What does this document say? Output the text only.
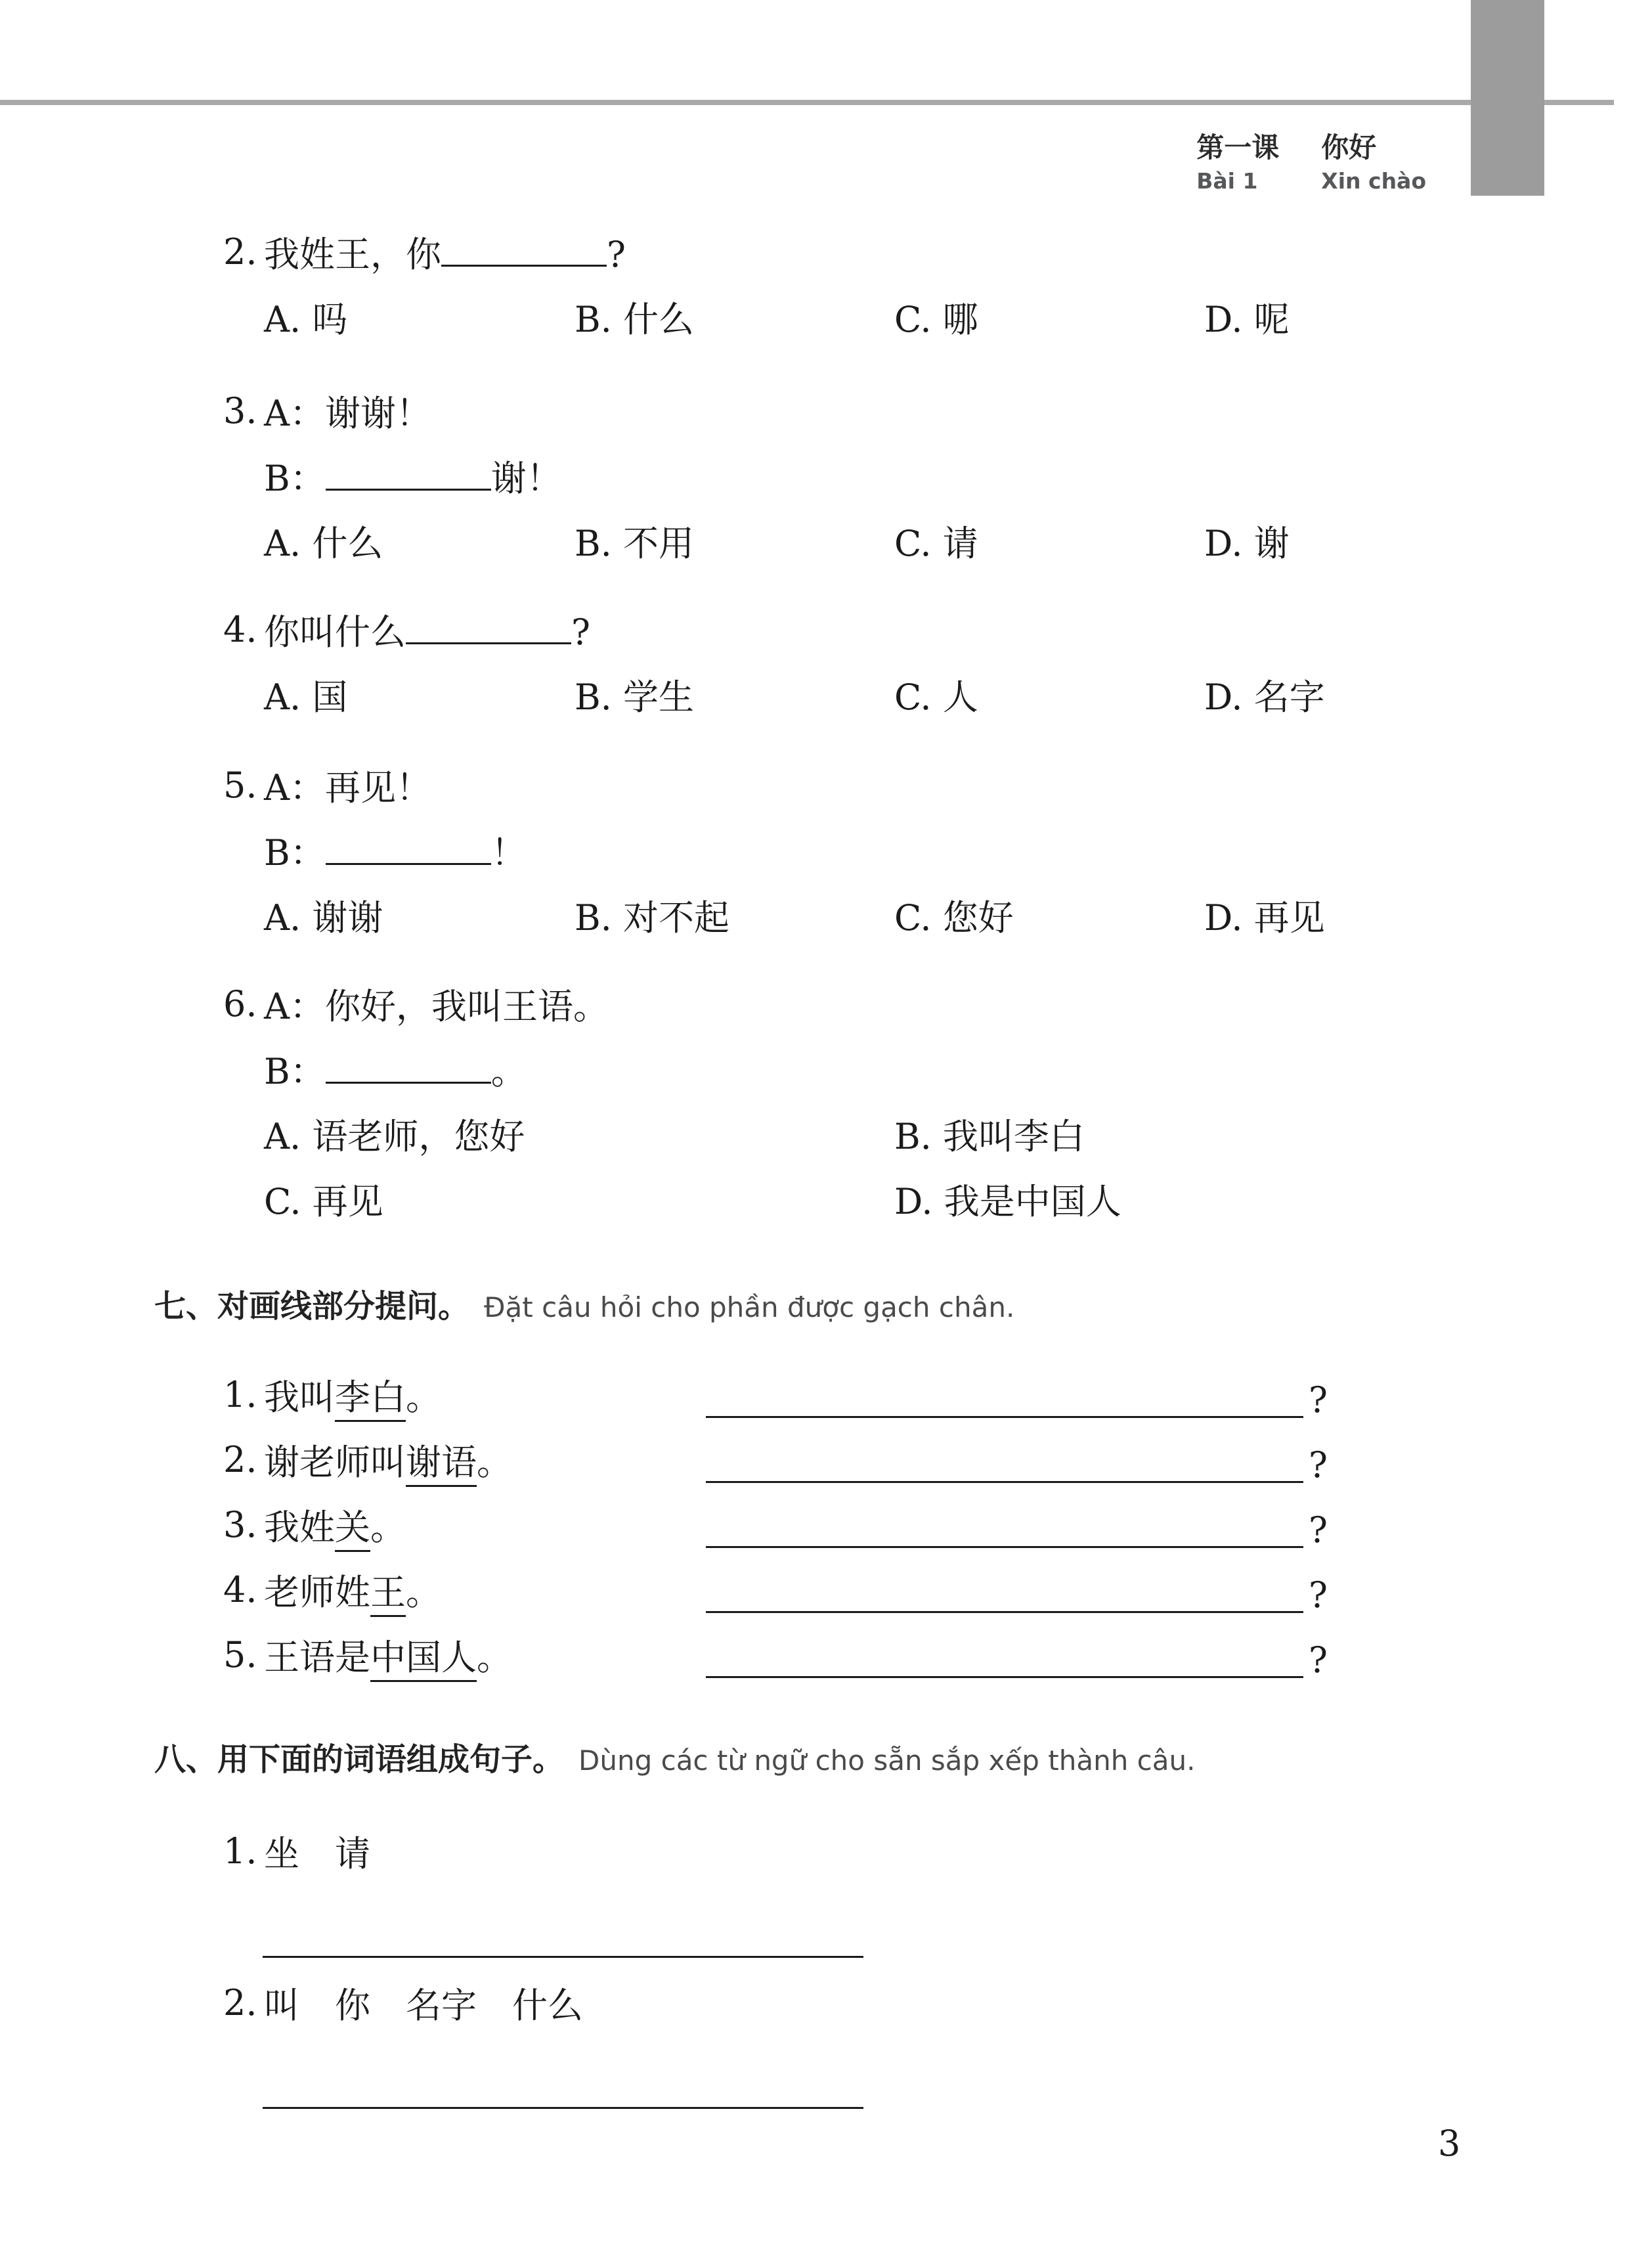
第一课 你好
Bài 1	Xin chào
2. 我姓王，你	?
A. 吗	B. 什么	C. 哪	D. 呢
3. A：谢谢！
B：	谢！
A. 什么	B. 不用	C. 请	D. 谢
4. 你叫什么	?
A. 国	B. 学生	C. 人	D. 名字
5. A：再见！
B：	！
A. 谢谢	B. 对不起	C. 您好	D. 再见
6. A：你好，我叫王语。
B：	。
A. 语老师，您好	B. 我叫李白
C. 再见	D. 我是中国人
七、对画线部分提问。 Đặt câu hỏi cho phần được gạch chân.
1. 我叫李白。	?
2. 谢老师叫谢语。	?
3. 我姓关。	?
4. 老师姓王。	?
5. 王语是中国人。	?
八、用下面的词语组成句子。 Dùng các từ ngữ cho sẵn sắp xếp thành câu.
1. 坐　请
2. 叫　你　名字　什么
3
